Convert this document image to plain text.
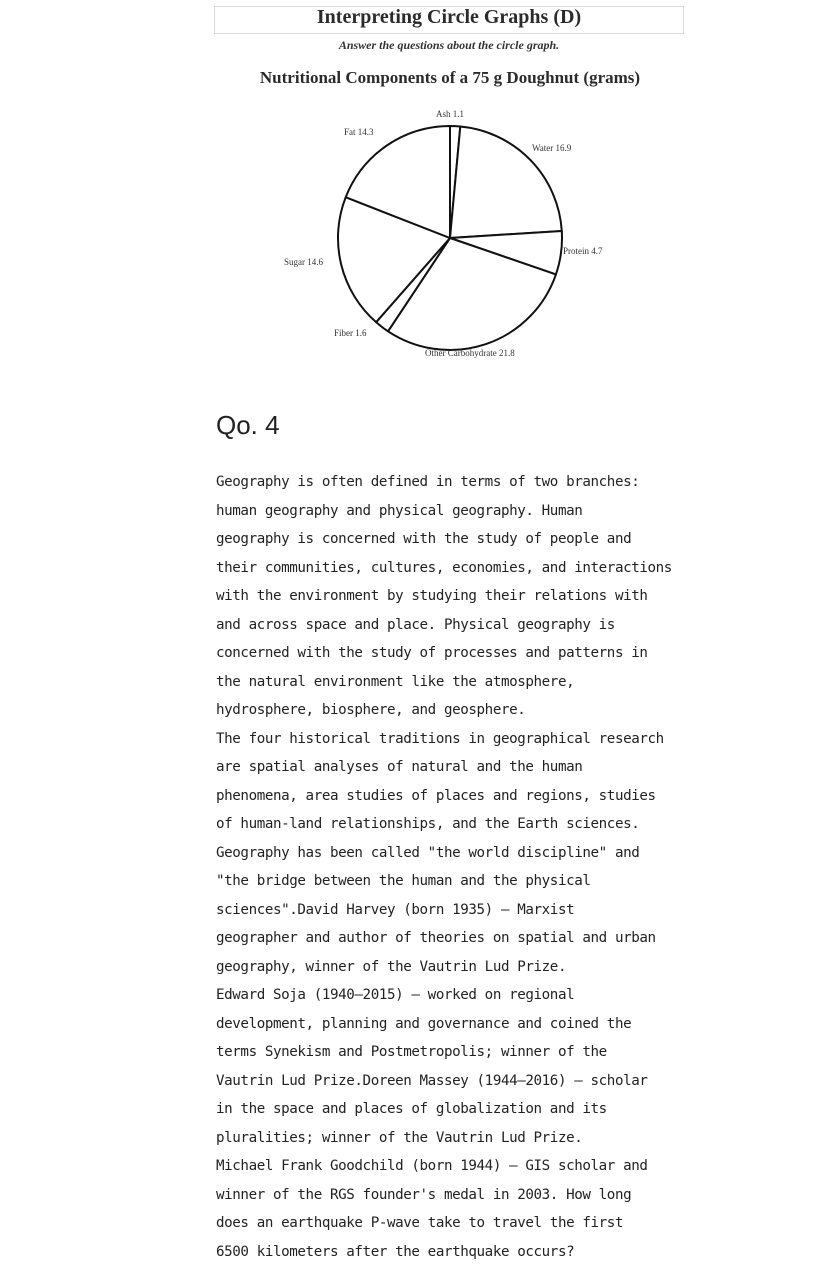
Interpreting Circle Graphs (D)
Answer the questions about the circle graph.
Nutritional Components of a 75 g Doughnut (grams)
Ash 1.1
Water 16.9
Protein 4.7
Other Carbohydrate 21.8
Fiber 1.6
Sugar 14.6
Fat 14.3
Qo. 4

Geography is often defined in terms of two branches:

human geography and physical geography. Human

geography is concerned with the study of people and

their communities, cultures, economies, and interactions

with the environment by studying their relations with

and across space and place. Physical geography is

concerned with the study of processes and patterns in

the natural environment like the atmosphere,

hydrosphere, biosphere, and geosphere.

The four historical traditions in geographical research

are spatial analyses of natural and the human

phenomena, area studies of places and regions, studies

of human-land relationships, and the Earth sciences.

Geography has been called "the world discipline" and

"the bridge between the human and the physical

sciences".David Harvey (born 1935) – Marxist

geographer and author of theories on spatial and urban

geography, winner of the Vautrin Lud Prize.

Edward Soja (1940–2015) – worked on regional

development, planning and governance and coined the

terms Synekism and Postmetropolis; winner of the

Vautrin Lud Prize.Doreen Massey (1944–2016) – scholar

in the space and places of globalization and its

pluralities; winner of the Vautrin Lud Prize.

Michael Frank Goodchild (born 1944) – GIS scholar and

winner of the RGS founder's medal in 2003. How long

does an earthquake P-wave take to travel the first

6500 kilometers after the earthquake occurs?
